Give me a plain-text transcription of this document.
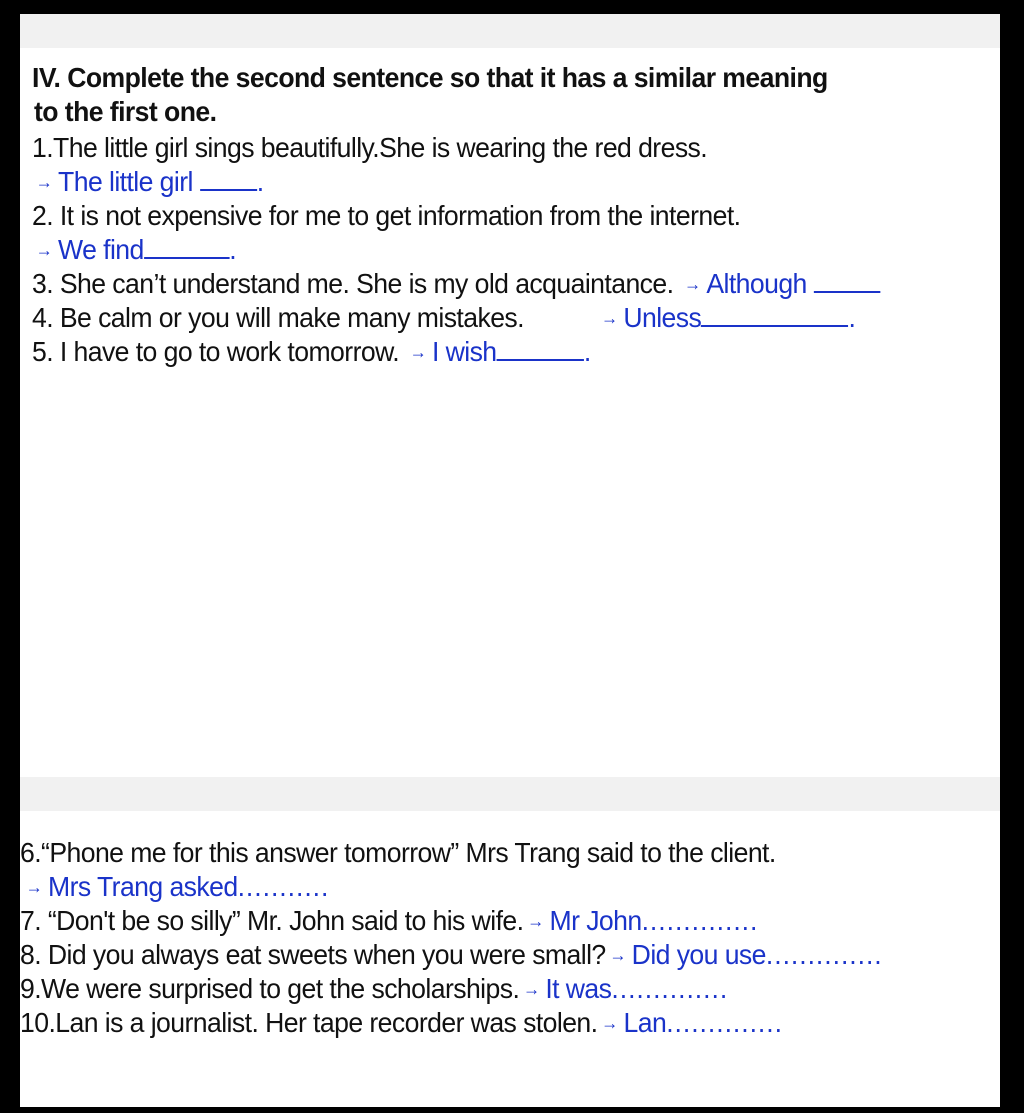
IV. Complete the second sentence so that it has a similar meaning
to the first one.
1.The little girl sings beautifully.She is wearing the red dress.
→ The little girl .
2. It is not expensive for me to get information from the internet.
→ We find	.
3. She can’t understand me. She is my old acquaintance. → Although
4. Be calm or you will make many mistakes.	→ Unless	.
5. I have to go to work tomorrow. → I wish	.
6.“Phone me for this answer tomorrow” Mrs Trang said to the client.
→ Mrs Trang asked...........
7. “Don't be so silly” Mr. John said to his wife. → Mr John..............
8. Did you always eat sweets when you were small? → Did you use..............
9.We were surprised to get the scholarships. → It was..............
10.Lan is a journalist. Her tape recorder was stolen. → Lan..............
